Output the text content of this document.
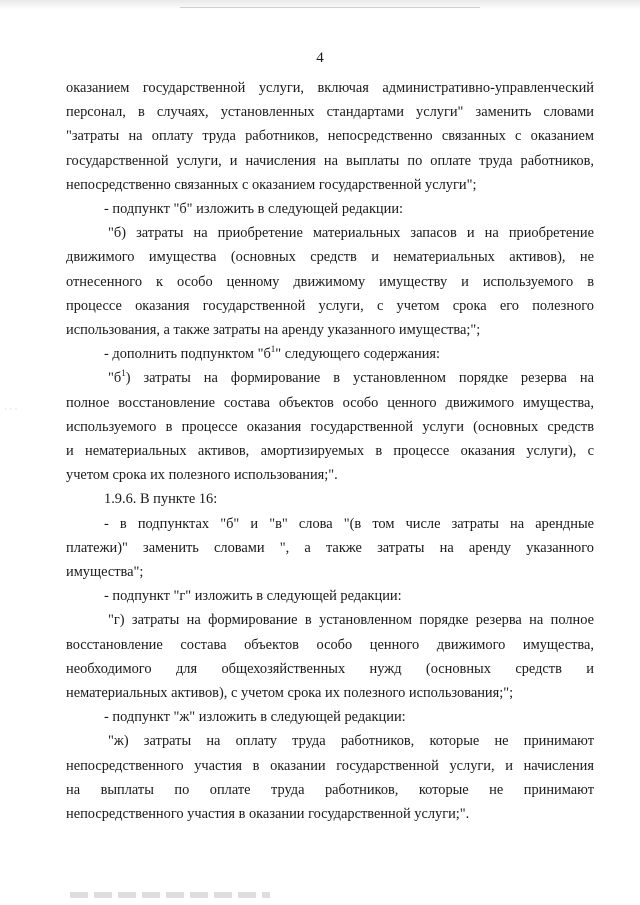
4
оказанием государственной услуги, включая административно-управленческий
персонал, в случаях, установленных стандартами услуги" заменить словами
"затраты на оплату труда работников, непосредственно связанных с оказанием
государственной услуги, и начисления на выплаты по оплате труда работников,
непосредственно связанных с оказанием государственной услуги";
- подпункт "б" изложить в следующей редакции:
"б) затраты на приобретение материальных запасов и на приобретение
движимого имущества (основных средств и нематериальных активов), не
отнесенного к особо ценному движимому имуществу и используемого в
процессе оказания государственной услуги, с учетом срока его полезного
использования, а также затраты на аренду указанного имущества;";
- дополнить подпунктом "$б^1$" следующего содержания:
"$б^1$) затраты на формирование в установленном порядке резерва на
полное восстановление состава объектов особо ценного движимого имущества,
используемого в процессе оказания государственной услуги (основных средств
и нематериальных активов, амортизируемых в процессе оказания услуги), с
учетом срока их полезного использования;".
1.9.6. В пункте 16:
- в подпунктах "б" и "в" слова "(в том числе затраты на арендные
платежи)" заменить словами ", а также затраты на аренду указанного
имущества";
- подпункт "г" изложить в следующей редакции:
"г) затраты на формирование в установленном порядке резерва на полное
восстановление состава объектов особо ценного движимого имущества,
необходимого для общехозяйственных нужд (основных средств и
нематериальных активов), с учетом срока их полезного использования;";
- подпункт "ж" изложить в следующей редакции:
"ж) затраты на оплату труда работников, которые не принимают
непосредственного участия в оказании государственной услуги, и начисления
на выплаты по оплате труда работников, которые не принимают
непосредственного участия в оказании государственной услуги;".
· · ·
